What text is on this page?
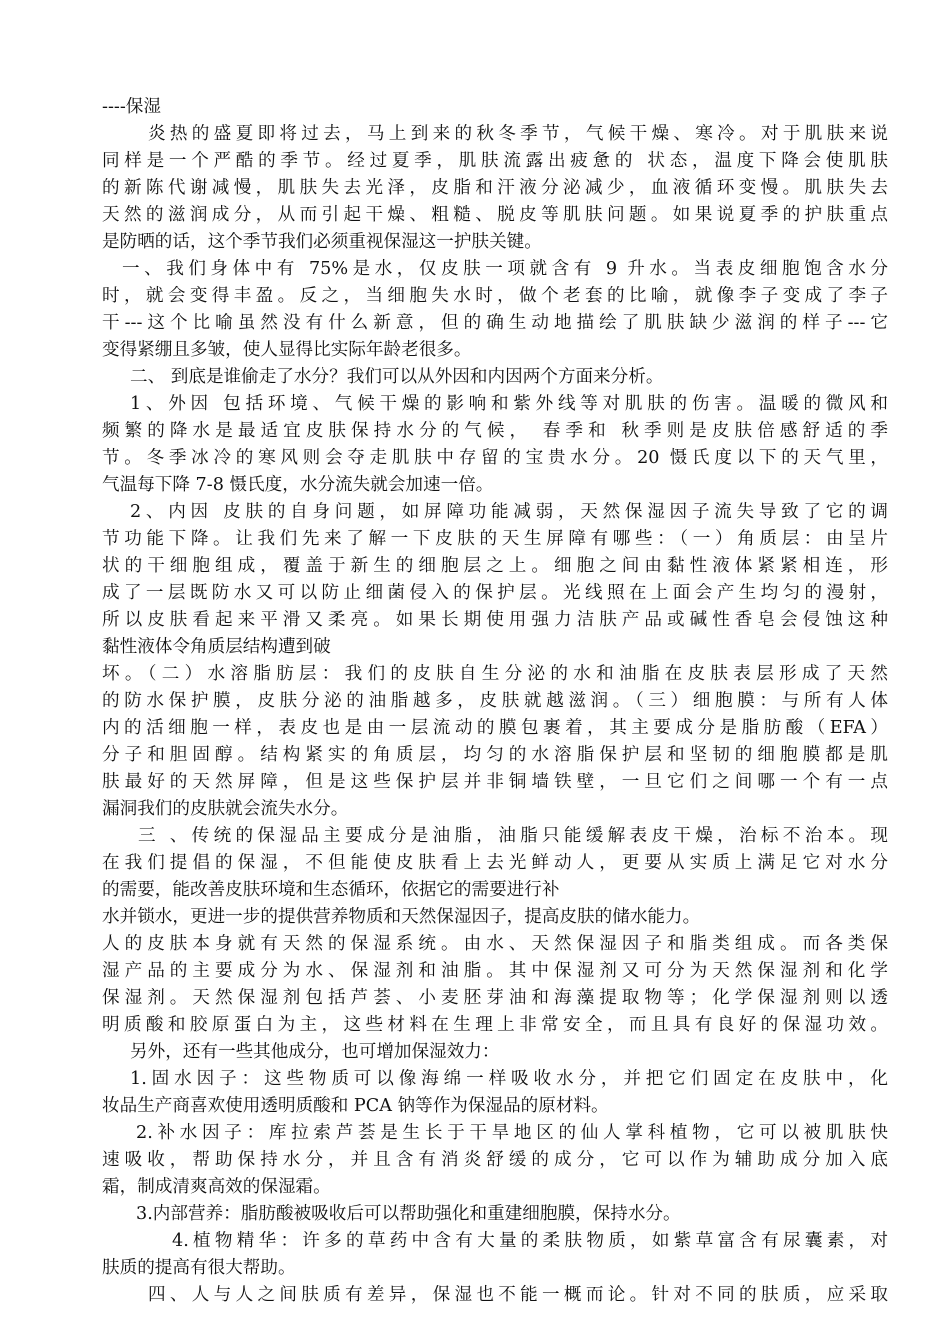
----保湿
炎热的盛夏即将过去，马上到来的秋冬季节，气候干燥、寒冷。对于肌肤来说
同样是一个严酷的季节。经过夏季，肌肤流露出疲惫的 状态，温度下降会使肌肤
的新陈代谢减慢，肌肤失去光泽，皮脂和汗液分泌减少，血液循环变慢。肌肤失去
天然的滋润成分，从而引起干燥、粗糙、脱皮等肌肤问题。如果说夏季的护肤重点
是防晒的话，这个季节我们必须重视保湿这一护肤关键。
一、我们身体中有 75%是水，仅皮肤一项就含有 9 升水。当表皮细胞饱含水分
时，就会变得丰盈。反之，当细胞失水时，做个老套的比喻，就像李子变成了李子
干---这个比喻虽然没有什么新意，但的确生动地描绘了肌肤缺少滋润的样子---它
变得紧绷且多皱，使人显得比实际年龄老很多。
二、 到底是谁偷走了水分？我们可以从外因和内因两个方面来分析。
1、外因 包括环境、气候干燥的影响和紫外线等对肌肤的伤害。温暖的微风和
频繁的降水是最适宜皮肤保持水分的气候， 春季和 秋季则是皮肤倍感舒适的季
节。冬季冰冷的寒风则会夺走肌肤中存留的宝贵水分。20 慑氏度以下的天气里，
气温每下降 7-8 慑氏度，水分流失就会加速一倍。
2、内因 皮肤的自身问题，如屏障功能减弱，天然保湿因子流失导致了它的调
节功能下降。让我们先来了解一下皮肤的天生屏障有哪些：（一）角质层：由呈片
状的干细胞组成，覆盖于新生的细胞层之上。细胞之间由黏性液体紧紧相连，形
成了一层既防水又可以防止细菌侵入的保护层。光线照在上面会产生均匀的漫射，
所以皮肤看起来平滑又柔亮。如果长期使用强力洁肤产品或碱性香皂会侵蚀这种
黏性液体令角质层结构遭到破
坏。（二）水溶脂肪层：我们的皮肤自生分泌的水和油脂在皮肤表层形成了天然
的防水保护膜，皮肤分泌的油脂越多，皮肤就越滋润。（三）细胞膜：与所有人体
内的活细胞一样，表皮也是由一层流动的膜包裹着，其主要成分是脂肪酸（EFA）
分子和胆固醇。结构紧实的角质层，均匀的水溶脂保护层和坚韧的细胞膜都是肌
肤最好的天然屏障，但是这些保护层并非铜墙铁壁，一旦它们之间哪一个有一点
漏洞我们的皮肤就会流失水分。
三 、传统的保湿品主要成分是油脂，油脂只能缓解表皮干燥，治标不治本。现
在我们提倡的保湿，不但能使皮肤看上去光鲜动人，更要从实质上满足它对水分
的需要，能改善皮肤环境和生态循环，依据它的需要进行补
水并锁水，更进一步的提供营养物质和天然保湿因子，提高皮肤的储水能力。
人的皮肤本身就有天然的保湿系统。由水、天然保湿因子和脂类组成。而各类保
湿产品的主要成分为水、保湿剂和油脂。其中保湿剂又可分为天然保湿剂和化学
保湿剂。天然保湿剂包括芦荟、小麦胚芽油和海藻提取物等；化学保湿剂则以透
明质酸和胶原蛋白为主，这些材料在生理上非常安全，而且具有良好的保湿功效。
另外，还有一些其他成分，也可增加保湿效力：
1.固水因子：这些物质可以像海绵一样吸收水分，并把它们固定在皮肤中，化
妆品生产商喜欢使用透明质酸和 PCA 钠等作为保湿品的原材料。
2.补水因子：库拉索芦荟是生长于干旱地区的仙人掌科植物，它可以被肌肤快
速吸收，帮助保持水分，并且含有消炎舒缓的成分，它可以作为辅助成分加入底
霜，制成清爽高效的保湿霜。
3.内部营养：脂肪酸被吸收后可以帮助强化和重建细胞膜，保持水分。
4.植物精华：许多的草药中含有大量的柔肤物质，如紫草富含有尿囊素，对
肤质的提高有很大帮助。
四、人与人之间肤质有差异，保湿也不能一概而论。针对不同的肤质，应采取
